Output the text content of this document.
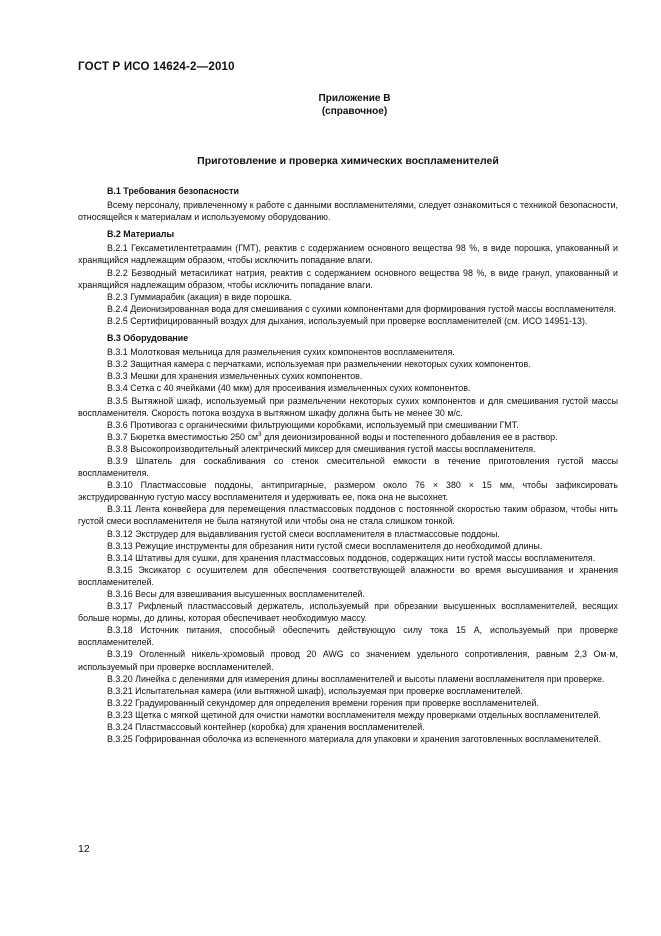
ГОСТ Р ИСО 14624-2—2010
Приложение В
(справочное)
Приготовление и проверка химических воспламенителей
В.1 Требования безопасности

Всему персоналу, привлеченному к работе с данными воспламенителями, следует ознакомиться с техникой безопасности, относящейся к материалам и используемому оборудованию.

В.2 Материалы

В.2.1 Гексаметилентетраамин (ГМТ), реактив с содержанием основного вещества 98 %, в виде порошка, упакованный и хранящийся надлежащим образом, чтобы исключить попадание влаги.

В.2.2 Безводный метасиликат натрия, реактив с содержанием основного вещества 98 %, в виде гранул, упакованный и хранящийся надлежащим образом, чтобы исключить попадание влаги.

В.2.3 Гуммиарабик (акация) в виде порошка.

В.2.4 Деионизированная вода для смешивания с сухими компонентами для формирования густой массы воспламенителя.

В.2.5 Сертифицированный воздух для дыхания, используемый при проверке воспламенителей (см. ИСО 14951-13).

В.3 Оборудование

В.3.1 Молотковая мельница для размельчения сухих компонентов воспламенителя.

В.3.2 Защитная камера с перчатками, используемая при размельчении некоторых сухих компонентов.

В.3.3 Мешки для хранения измельченных сухих компонентов.

В.3.4 Сетка с 40 ячейками (40 мкм) для просеивания измельченных сухих компонентов.

В.3.5 Вытяжной шкаф, используемый при размельчении некоторых сухих компонентов и для смешивания густой массы воспламенителя. Скорость потока воздуха в вытяжном шкафу должна быть не менее 30 м/с.

В.3.6 Противогаз с органическими фильтрующими коробками, используемый при смешивании ГМТ.

В.3.7 Бюретка вместимостью 250 $см^3$ для деионизированной воды и постепенного добавления ее в раствор.

В.3.8 Высокопроизводительный электрический миксер для смешивания густой массы воспламенителя.

В.3.9 Шпатель для соскабливания со стенок смесительной емкости в течение приготовления густой массы воспламенителя.

В.3.10 Пластмассовые поддоны, антипригарные, размером около 76 × 380 × 15 мм, чтобы зафиксировать экструдированную густую массу воспламенителя и удерживать ее, пока она не высохнет.

В.3.11 Лента конвейера для перемещения пластмассовых поддонов с постоянной скоростью таким образом, чтобы нить густой смеси воспламенителя не была натянутой или чтобы она не стала слишком тонкой.

В.3.12 Экструдер для выдавливания густой смеси воспламенителя в пластмассовые поддоны.

В.3.13 Режущие инструменты для обрезания нити густой смеси воспламенителя до необходимой длины.

В.3.14 Штативы для сушки, для хранения пластмассовых поддонов, содержащих нити густой массы воспламенителя.

В.3.15 Эксикатор с осушителем для обеспечения соответствующей влажности во время высушивания и хранения воспламенителей.

В.3.16 Весы для взвешивания высушенных воспламенителей.

В.3.17 Рифленый пластмассовый держатель, используемый при обрезании высушенных воспламенителей, весящих больше нормы, до длины, которая обеспечивает необходимую массу.

В.3.18 Источник питания, способный обеспечить действующую силу тока 15 А, используемый при проверке воспламенителей.

В.3.19 Оголенный никель-хромовый провод 20 AWG со значением удельного сопротивления, равным 2,3 Ом·м, используемый при проверке воспламенителей.

В.3.20 Линейка с делениями для измерения длины воспламенителей и высоты пламени воспламенителя при проверке.

В.3.21 Испытательная камера (или вытяжной шкаф), используемая при проверке воспламенителей.

В.3.22 Градуированный секундомер для определения времени горения при проверке воспламенителей.

В.3.23 Щетка с мягкой щетиной для очистки намотки воспламенителя между проверками отдельных воспламенителей.

В.3.24 Пластмассовый контейнер (коробка) для хранения воспламенителей.

В.3.25 Гофрированная оболочка из вспененного материала для упаковки и хранения заготовленных воспламенителей.

12
